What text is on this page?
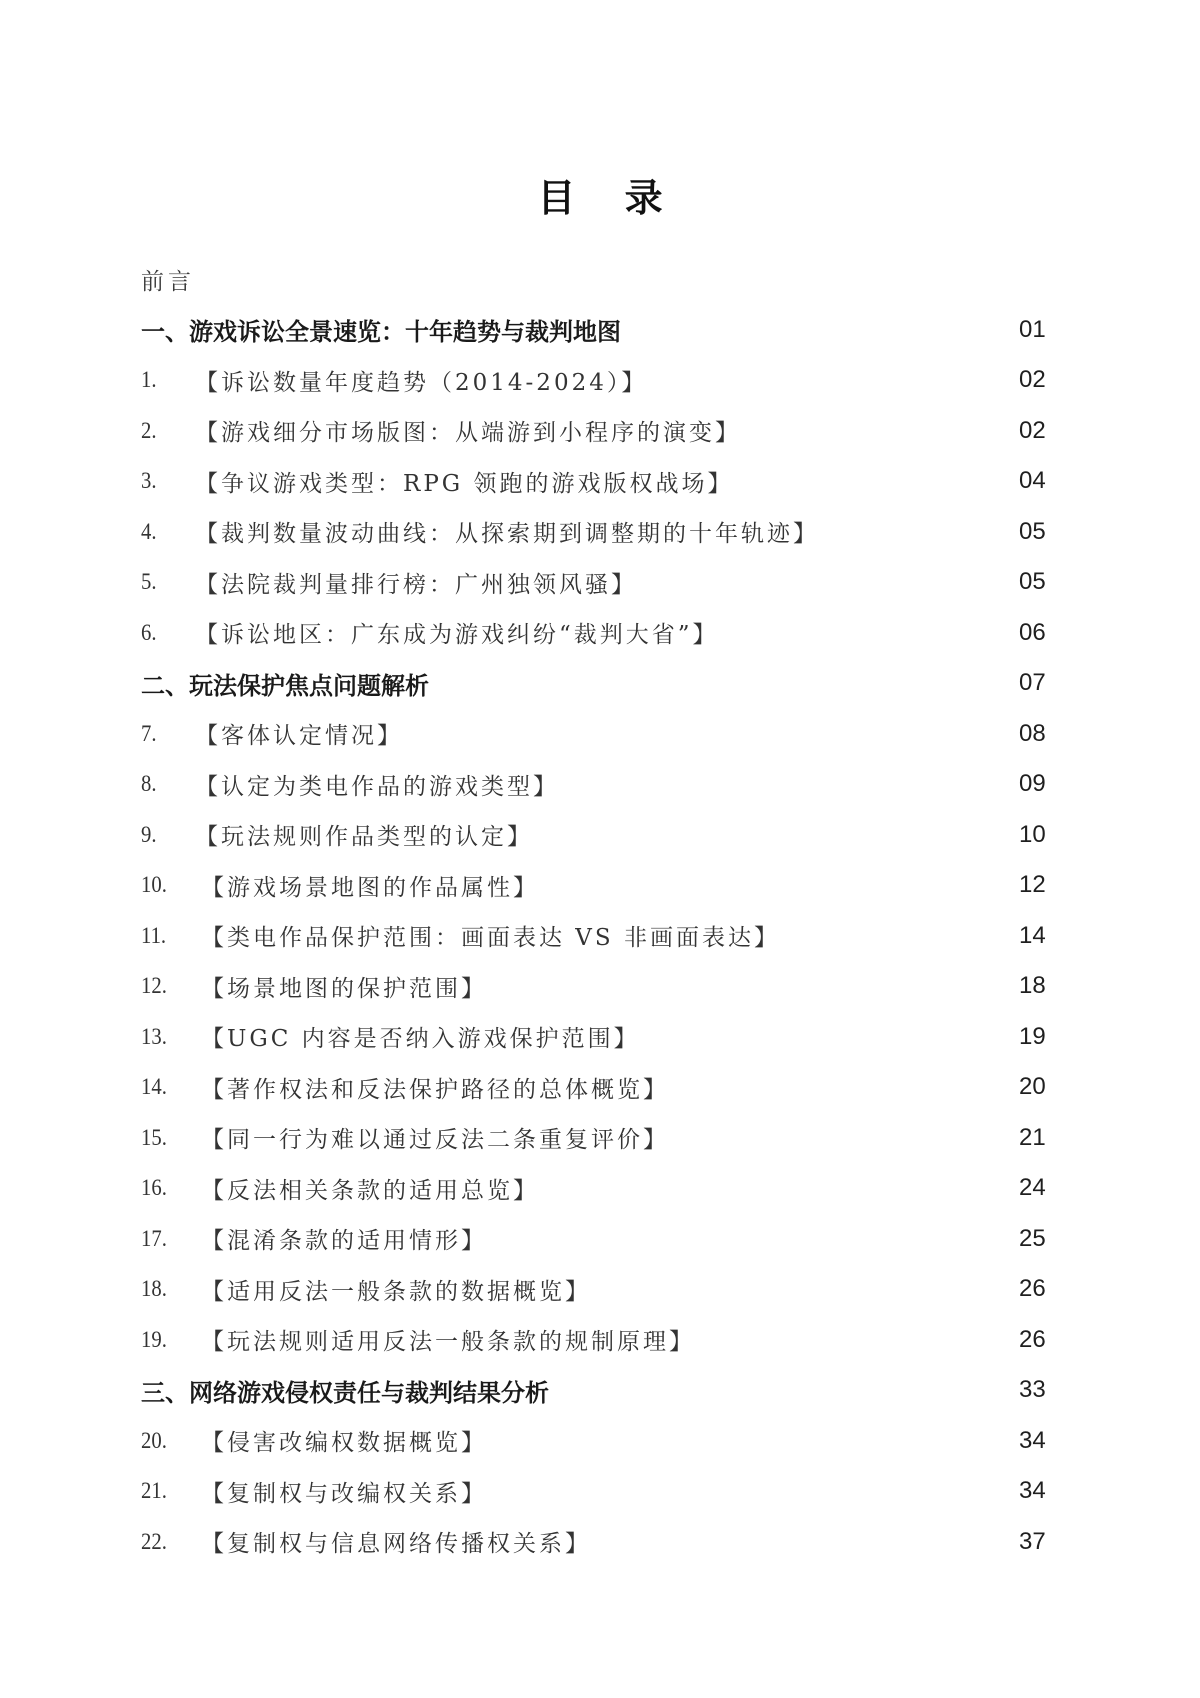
目 录
前言
一、游戏诉讼全景速览：十年趋势与裁判地图	01
1.	【诉讼数量年度趋势（2014-2024）】	02
2.	【游戏细分市场版图：从端游到小程序的演变】	02
3.	【争议游戏类型：RPG 领跑的游戏版权战场】	04
4.	【裁判数量波动曲线：从探索期到调整期的十年轨迹】	05
5.	【法院裁判量排行榜：广州独领风骚】	05
6.	【诉讼地区：广东成为游戏纠纷“裁判大省”】	06
二、玩法保护焦点问题解析	07
7.	【客体认定情况】	08
8.	【认定为类电作品的游戏类型】	09
9.	【玩法规则作品类型的认定】	10
10.	【游戏场景地图的作品属性】	12
11.	【类电作品保护范围：画面表达 VS 非画面表达】	14
12.	【场景地图的保护范围】	18
13.	【UGC 内容是否纳入游戏保护范围】	19
14.	【著作权法和反法保护路径的总体概览】	20
15.	【同一行为难以通过反法二条重复评价】	21
16.	【反法相关条款的适用总览】	24
17.	【混淆条款的适用情形】	25
18.	【适用反法一般条款的数据概览】	26
19.	【玩法规则适用反法一般条款的规制原理】	26
三、网络游戏侵权责任与裁判结果分析	33
20.	【侵害改编权数据概览】	34
21.	【复制权与改编权关系】	34
22.	【复制权与信息网络传播权关系】	37
